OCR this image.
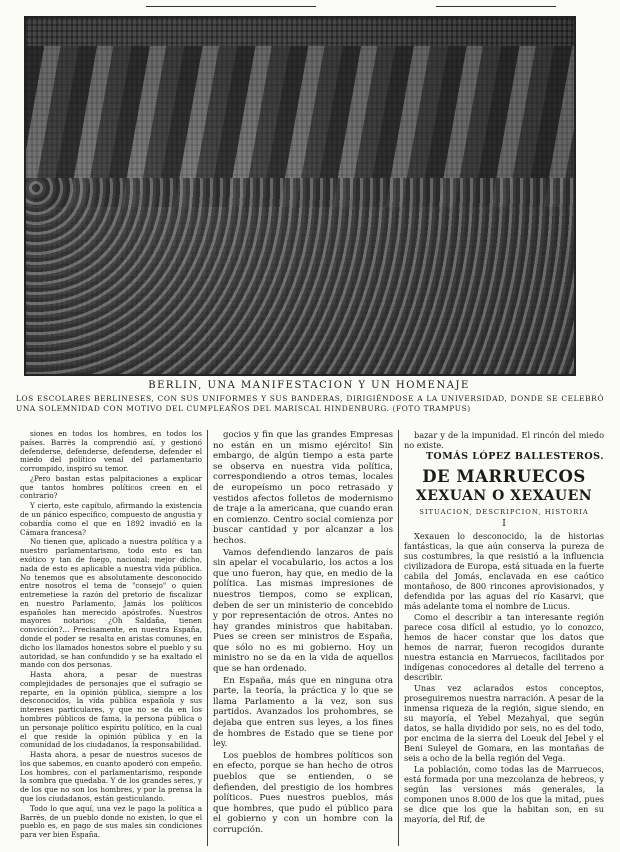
BERLIN, UNA MANIFESTACION Y UN HOMENAJE
LOS ESCOLARES BERLINESES, CON SUS UNIFORMES Y SUS BANDERAS, DIRIGIÉNDOSE A LA UNIVERSIDAD, DONDE SE CELEBRÓ UNA SOLEMNIDAD CON MOTIVO DEL CUMPLEAÑOS DEL MARISCAL HINDENBURG. (FOTO TRAMPUS)

siones en todos los hombres, en todos los países. Barrès la comprendió así, y gestionó defenderse, defenderse, defenderse, defender el miedo del político venal del parlamentario corrompido, inspiró su temor.

¿Pero bastan estas palpitaciones a explicar que tantos hombres políticos creen en el contrario?

Y cierto, este capítulo, afirmando la existencia de un pánico específico, compuesto de angustia y cobardía como el que en 1892 invadió en la Cámara francesa?

No tienen que, aplicado a nuestra política y a nuestro parlamentarismo, todo esto es tan exótico y tan de fuego, nacional; mejor dicho, nada de esto es aplicable a nuestra vida pública. No tenemos que es absolutamente desconocido entre nosotros el tema de "consejo" o quien entremetiese la razón del pretorio de fiscalizar en nuestro Parlamento, Jamás los políticos españoles han merecido apóstrofes. Nuestros mayores notarios; ¿Oh Saldaña, tienen convicción?... Precisamente, en nuestra España, donde el poder se resalta en aristas comunes, en dicho los llamados honestos sobre el pueblo y su autoridad, se han confundido y se ha exaltado el mando con dos personas.

Hasta ahora, a pesar de nuestras complejidades de personajes que el sufragio se reparte, en la opinión pública, siempre a los desconocidos, la vida pública española y sus intereses particulares, y que no se da en los hombres públicos de fama, la persona pública o un personaje político espíritu político, en la cual el que reside la opinión pública y en la comunidad de los ciudadanos, la responsabilidad.

Hasta ahora, a pesar de nuestros sucesos de los que sabemos, en cuanto apoderó con empeño. Los hombres, con el parlamentarismo, responde la sombra que quedaba. Y de los grandes seres, y de los que no son los hombres, y por la prensa la que los ciudadanos, están gesticulando.

Todo lo que aquí, una vez le pago la política a Barrès, de un pueblo donde no existen, lo que el pueblo es, en pago de sus males sin condiciones para ver bien España.

gocios y fin que las grandes Empresas no están en un mismo ejército! Sin embargo, de algún tiempo a esta parte se observa en nuestra vida política, correspondiendo a otros temas, locales de europeísmo un poco retrasado y vestidos afectos folletos de modernismo de traje a la americana, que cuando eran en comienzo. Centro social comienza por buscar cantidad y por alcanzar a los hechos.

Vamos defendiendo lanzaros de país sin apelar el vocabulario, los actos a los que uno fueron, hay que, en medio de la política. Las mismas impresiones de nuestros tiempos, como se explican, deben de ser un ministerio de concebido y por representación de otros. Antes no hay grandes ministros que habitaban. Pues se creen ser ministros de España, que sólo no es mi gobierno. Hoy un ministro no se da en la vida de aquellos que se han ordenado.

En España, más que en ninguna otra parte, la teoría, la práctica y lo que se llama Parlamento a la vez, son sus partidos. Avanzados los prohombres, se dejaba que entren sus leyes, a los fines de hombres de Estado que se tiene por ley.

Los pueblos de hombres políticos son en efecto, porque se han hecho de otros pueblos que se entienden, o se defienden, del prestigio de los hombres políticos. Pues nuestros pueblos, más que hombres, que pudo el público para el gobierno y con un hombre con la corrupción.

bazar y de la impunidad. El rincón del miedo no existe.

TOMÁS LÓPEZ BALLESTEROS.
DE MARRUECOS
XEXUAN O XEXAUEN
SITUACION, DESCRIPCION, HISTORIA
I

Xexauen lo desconocido, la de historias fantásticas, la que aún conserva la pureza de sus costumbres, la que resistió a la influencia civilizadora de Europa, está situada en la fuerte cabila del Jomás, enclavada en ese caótico montañoso, de 800 rincones aprovisionados, y defendida por las aguas del río Kasarvi, que más adelante toma el nombre de Lucus.

Como el describir a tan interesante región parece cosa difícil al estudio, yo lo conozco, hemos de hacer constar que los datos que hemos de narrar, fueron recogidos durante nuestra estancia en Marruecos, facilitados por indígenas conocedores al detalle del terreno a describir.

Unas vez aclarados estos conceptos, proseguiremos nuestra narración. A pesar de la inmensa riqueza de la región, sigue siendo, en su mayoría, el Yebel Mezahyal, que según datos, se halla dividido por seis, no es del todo, por encima de la sierra del Loeuk del Jebel y el Beni Suleyel de Gomara, en las montañas de seis a ocho de la bella región del Vega.

La población, como todas las de Marruecos, está formada por una mezcolanza de hebreos, y según las versiones más generales, la componen unos 8.000 de los que la mitad, pues se dice que los que la habitan son, en su mayoría, del Rif, de
